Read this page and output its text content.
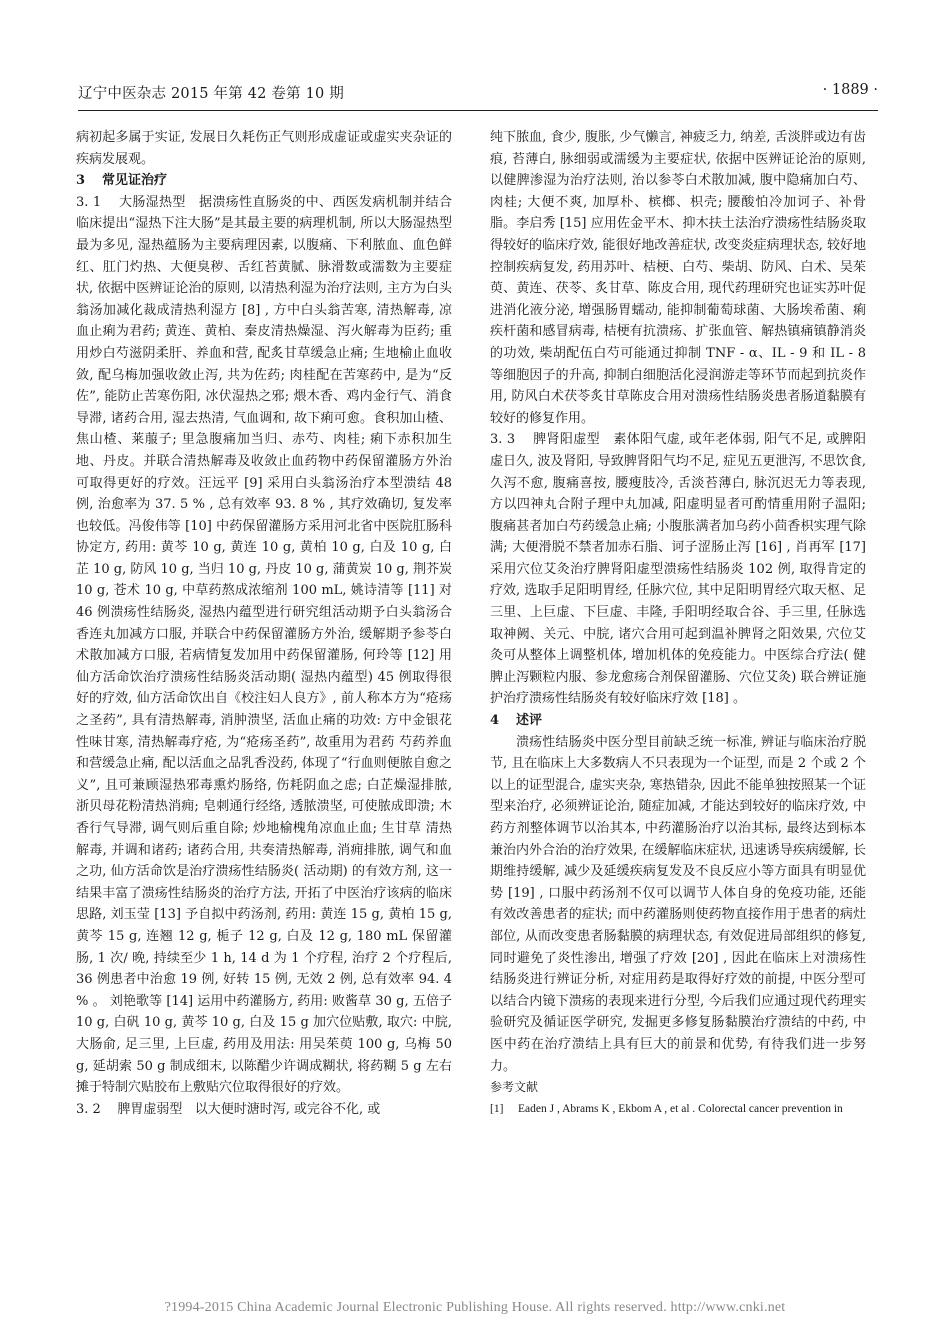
辽宁中医杂志 2015 年第 42 卷第 10 期	· 1889 ·

病初起多属于实证, 发展日久耗伤正气则形成虚证或虚实夹杂证的疾病发展观。

3 常见证治疗

3. 1 大肠湿热型 据溃疡性直肠炎的中、西医发病机制并结合临床提出“湿热下注大肠”是其最主要的病理机制, 所以大肠湿热型最为多见, 湿热蕴肠为主要病理因素, 以腹痛、下利脓血、血色鲜红、肛门灼热、大便臭秽、舌红苔黄腻、脉滑数或濡数为主要症状, 依据中医辨证论治的原则, 以清热利湿为治疗法则, 主方为白头翁汤加减化裁成清热利湿方 [8] , 方中白头翁苦寒, 清热解毒, 凉血止痢为君药; 黄连、黄柏、秦皮清热燥湿、泻火解毒为臣药; 重用炒白芍滋阴柔肝、养血和营, 配炙甘草缓急止痛; 生地榆止血收敛, 配乌梅加强收敛止泻, 共为佐药; 肉桂配在苦寒药中, 是为“反佐”, 能防止苦寒伤阳, 冰伏湿热之邪; 煨木香、鸡内金行气、消食导滞, 诸药合用, 湿去热清, 气血调和, 故下痢可愈。食积加山楂、焦山楂、莱菔子; 里急腹痛加当归、赤芍、肉桂; 痢下赤积加生地、丹皮。并联合清热解毒及收敛止血药物中药保留灌肠方外治可取得更好的疗效。汪远平 [9] 采用白头翁汤治疗本型溃结 48 例, 治愈率为 37. 5 % , 总有效率 93. 8 % , 其疗效确切, 复发率也较低。冯俊伟等 [10] 中药保留灌肠方采用河北省中医院肛肠科协定方, 药用: 黄芩 10 g, 黄连 10 g, 黄柏 10 g, 白及 10 g, 白芷 10 g, 防风 10 g, 当归 10 g, 丹皮 10 g, 蒲黄炭 10 g, 荆芥炭 10 g, 苍术 10 g, 中草药熬成浓缩剂 100 mL, 姚诗清等 [11] 对 46 例溃疡性结肠炎, 湿热内蕴型进行研究组活动期予白头翁汤合香连丸加减方口服, 并联合中药保留灌肠方外治, 缓解期予参苓白术散加减方口服, 若病情复发加用中药保留灌肠, 何玲等 [12] 用仙方活命饮治疗溃疡性结肠炎活动期( 湿热内蕴型) 45 例取得很好的疗效, 仙方活命饮出自《校注妇人良方》, 前人称本方为“疮疡之圣药”, 具有清热解毒, 消肿溃坚, 活血止痛的功效: 方中金银花性味甘寒, 清热解毒疗疮, 为“疮疡圣药”, 故重用为君药 芍药养血和营缓急止痛, 配以活血之品乳香没药, 体现了“行血则便脓自愈之义”, 且可兼顾湿热邪毒熏灼肠络, 伤耗阴血之虑; 白芷燥湿排脓, 浙贝母花粉清热消痈; 皂刺通行经络, 透脓溃坚, 可使脓成即溃; 木香行气导滞, 调气则后重自除; 炒地榆槐角凉血止血; 生甘草 清热解毒, 并调和诸药; 诸药合用, 共奏清热解毒, 消痈排脓, 调气和血之功, 仙方活命饮是治疗溃疡性结肠炎( 活动期) 的有效方剂, 这一结果丰富了溃疡性结肠炎的治疗方法, 开拓了中医治疗该病的临床思路, 刘玉莹 [13] 予自拟中药汤剂, 药用: 黄连 15 g, 黄柏 15 g, 黄芩 15 g, 连翘 12 g, 栀子 12 g, 白及 12 g, 180 mL 保留灌肠, 1 次/ 晚, 持续至少 1 h, 14 d 为 1 个疗程, 治疗 2 个疗程后, 36 例患者中治愈 19 例, 好转 15 例, 无效 2 例, 总有效率 94. 4 % 。 刘艳歌等 [14] 运用中药灌肠方, 药用: 败酱草 30 g, 五倍子 10 g, 白矾 10 g, 黄芩 10 g, 白及 15 g 加穴位贴敷, 取穴: 中脘, 大肠俞, 足三里, 上巨虚, 药用及用法: 用吴茱萸 100 g, 乌梅 50 g, 延胡索 50 g 制成细末, 以陈醋少许调成糊状, 将药糊 5 g 左右摊于特制穴贴胶布上敷贴穴位取得很好的疗效。

3. 2 脾胃虚弱型 以大便时溏时泻, 或完谷不化, 或

纯下脓血, 食少, 腹胀, 少气懒言, 神疲乏力, 纳差, 舌淡胖或边有齿痕, 苔薄白, 脉细弱或濡缓为主要症状, 依据中医辨证论治的原则, 以健脾渗湿为治疗法则, 治以参苓白术散加减, 腹中隐痛加白芍、肉桂; 大便不爽, 加厚朴、槟榔、枳壳; 腰酸怕冷加诃子、补骨脂。李启秀 [15] 应用佐金平木、抑木扶土法治疗溃疡性结肠炎取得较好的临床疗效, 能很好地改善症状, 改变炎症病理状态, 较好地控制疾病复发, 药用苏叶、桔梗、白芍、柴胡、防风、白术、吴茱萸、黄连、茯苓、炙甘草、陈皮合用, 现代药理研究也证实苏叶促进消化液分泌, 增强肠胃蠕动, 能抑制葡萄球菌、大肠埃希菌、痢疾杆菌和感冒病毒, 桔梗有抗溃疡、扩张血管、解热镇痛镇静消炎的功效, 柴胡配伍白芍可能通过抑制 TNF - α、IL - 9 和 IL - 8 等细胞因子的升高, 抑制白细胞活化浸润游走等环节而起到抗炎作用, 防风白术茯苓炙甘草陈皮合用对溃疡性结肠炎患者肠道黏膜有较好的修复作用。

3. 3 脾肾阳虚型 素体阳气虚, 或年老体弱, 阳气不足, 或脾阳虚日久, 波及肾阳, 导致脾肾阳气均不足, 症见五更泄泻, 不思饮食, 久泻不愈, 腹痛喜按, 腰瘦肢冷, 舌淡苔薄白, 脉沉迟无力等表现, 方以四神丸合附子理中丸加减, 阳虚明显者可酌情重用附子温阳; 腹痛甚者加白芍药缓急止痛; 小腹胀满者加乌药小茴香枳实理气除满; 大便滑脱不禁者加赤石脂、诃子涩肠止泻 [16] , 肖再军 [17] 采用穴位艾灸治疗脾肾阳虚型溃疡性结肠炎 102 例, 取得肯定的疗效, 选取手足阳明胃经, 任脉穴位, 其中足阳明胃经穴取天枢、足三里、上巨虚、下巨虚、丰隆, 手阳明经取合谷、手三里, 任脉选取神阙、关元、中脘, 诸穴合用可起到温补脾肾之阳效果, 穴位艾灸可从整体上调整机体, 增加机体的免疫能力。中医综合疗法( 健脾止泻颗粒内服、参龙愈疡合剂保留灌肠、穴位艾灸) 联合辨证施护治疗溃疡性结肠炎有较好临床疗效 [18] 。

4 述评

溃疡性结肠炎中医分型目前缺乏统一标准, 辨证与临床治疗脱节, 且在临床上大多数病人不只表现为一个证型, 而是 2 个或 2 个以上的证型混合, 虚实夹杂, 寒热错杂, 因此不能单独按照某一个证型来治疗, 必须辨证论治, 随症加减, 才能达到较好的临床疗效, 中药方剂整体调节以治其本, 中药灌肠治疗以治其标, 最终达到标本兼治内外合治的治疗效果, 在缓解临床症状, 迅速诱导疾病缓解, 长期维持缓解, 减少及延缓疾病复发及不良反应小等方面具有明显优势 [19] , 口服中药汤剂不仅可以调节人体自身的免疫功能, 还能有效改善患者的症状; 而中药灌肠则使药物直接作用于患者的病灶部位, 从而改变患者肠黏膜的病理状态, 有效促进局部组织的修复, 同时避免了炎性渗出, 增强了疗效 [20] , 因此在临床上对溃疡性结肠炎进行辨证分析, 对症用药是取得好疗效的前提, 中医分型可以结合内镜下溃疡的表现来进行分型, 今后我们应通过现代药理实验研究及循证医学研究, 发掘更多修复肠黏膜治疗溃结的中药, 中医中药在治疗溃结上具有巨大的前景和优势, 有待我们进一步努力。

参考文献

[1] Eaden J , Abrams K , Ekbom A , et al . Colorectal cancer prevention in

?1994-2015 China Academic Journal Electronic Publishing House. All rights reserved. http://www.cnki.net
